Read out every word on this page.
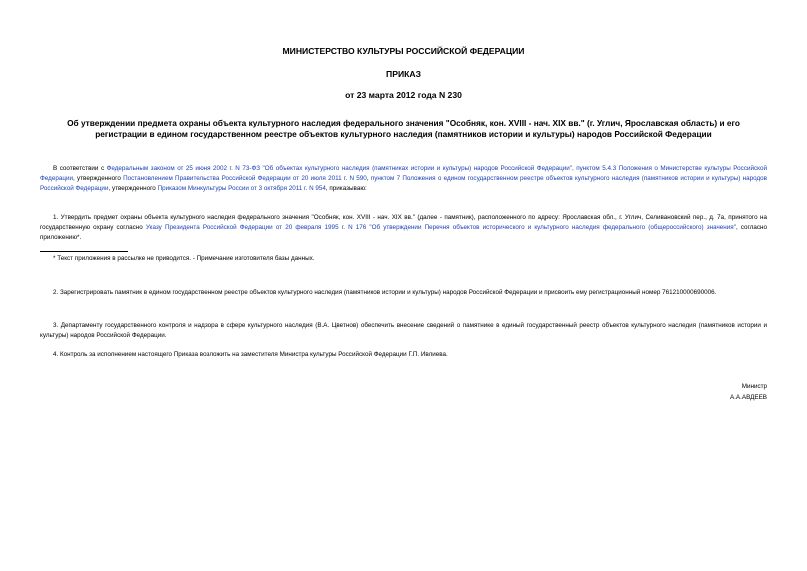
МИНИСТЕРСТВО КУЛЬТУРЫ РОССИЙСКОЙ ФЕДЕРАЦИИ
ПРИКАЗ
от 23 марта 2012 года N 230
Об утверждении предмета охраны объекта культурного наследия федерального значения "Особняк, кон. XVIII - нач. XIX вв." (г. Углич, Ярославская область) и его
регистрации в едином государственном реестре объектов культурного наследия (памятников истории и культуры) народов Российской Федерации

В соответствии с Федеральным законом от 25 июня 2002 г. N 73-ФЗ "Об объектах культурного наследия (памятниках истории и культуры) народов Российской Федерации", пунктом 5.4.3 Положения о Министерстве культуры Российской Федерации, утвержденного Постановлением Правительства Российской Федерации от 20 июля 2011 г. N 590, пунктом 7 Положения о едином государственном реестре объектов культурного наследия (памятников истории и культуры) народов Российской Федерации, утвержденного Приказом Минкультуры России от 3 октября 2011 г. N 954, приказываю:

1. Утвердить предмет охраны объекта культурного наследия федерального значения "Особняк, кон. XVIII - нач. XIX вв." (далее - памятник), расположенного по адресу: Ярославская обл., г. Углич, Селивановский пер., д. 7а, принятого на государственную охрану согласно Указу Президента Российской Федерации от 20 февраля 1995 г. N 176 "Об утверждении Перечня объектов исторического и культурного наследия федерального (общероссийского) значения", согласно приложению*.

* Текст приложения в рассылке не приводится. - Примечание изготовителя базы данных.

2. Зарегистрировать памятник в едином государственном реестре объектов культурного наследия (памятников истории и культуры) народов Российской Федерации и присвоить ему регистрационный номер 761210000690006.

3. Департаменту государственного контроля и надзора в сфере культурного наследия (В.А. Цветнов) обеспечить внесение сведений о памятнике в единый государственный реестр объектов культурного наследия (памятников истории и культуры) народов Российской Федерации.

4. Контроль за исполнением настоящего Приказа возложить на заместителя Министра культуры Российской Федерации Г.П. Ивлиева.

Министр
А.А.АВДЕЕВ
